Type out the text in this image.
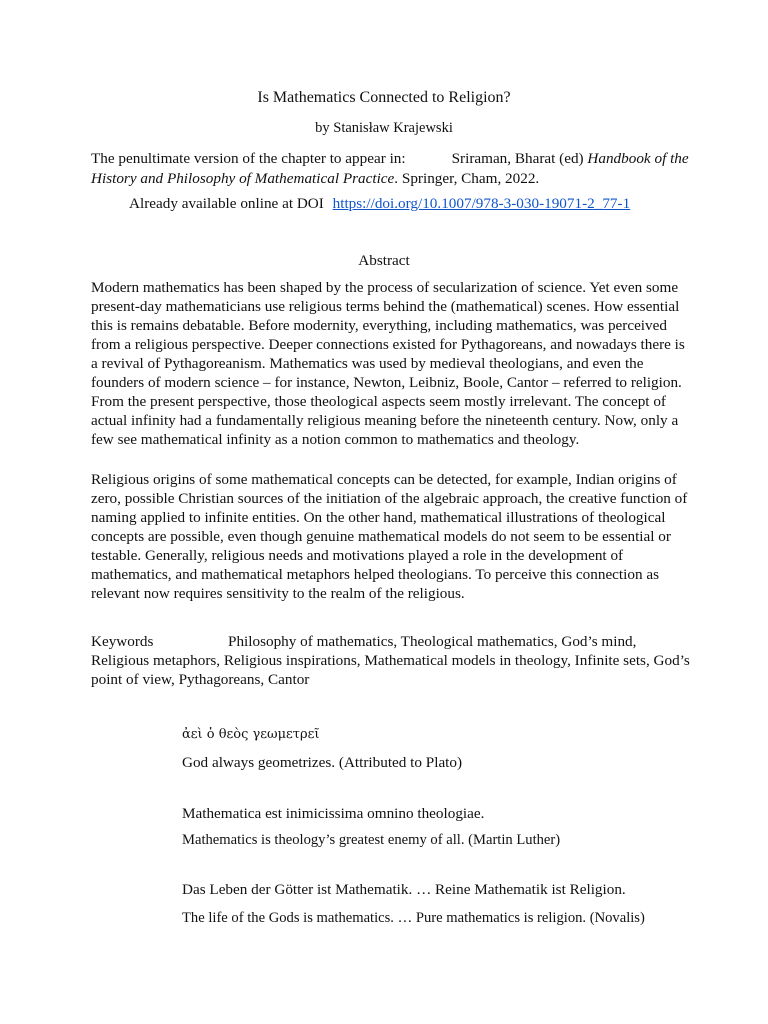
Is Mathematics Connected to Religion?
by Stanisław Krajewski
The penultimate version of the chapter to appear in:	Sriraman, Bharat (ed) Handbook of the History and Philosophy of Mathematical Practice. Springer, Cham, 2022.
Already available online at DOI https://doi.org/10.1007/978-3-030-19071-2_77-1
Abstract
Modern mathematics has been shaped by the process of secularization of science. Yet even some present-day mathematicians use religious terms behind the (mathematical) scenes. How essential this is remains debatable. Before modernity, everything, including mathematics, was perceived from a religious perspective. Deeper connections existed for Pythagoreans, and nowadays there is a revival of Pythagoreanism. Mathematics was used by medieval theologians, and even the founders of modern science – for instance, Newton, Leibniz, Boole, Cantor – referred to religion. From the present perspective, those theological aspects seem mostly irrelevant. The concept of actual infinity had a fundamentally religious meaning before the nineteenth century. Now, only a few see mathematical infinity as a notion common to mathematics and theology.
Religious origins of some mathematical concepts can be detected, for example, Indian origins of zero, possible Christian sources of the initiation of the algebraic approach, the creative function of naming applied to infinite entities. On the other hand, mathematical illustrations of theological concepts are possible, even though genuine mathematical models do not seem to be essential or testable. Generally, religious needs and motivations played a role in the development of mathematics, and mathematical metaphors helped theologians. To perceive this connection as relevant now requires sensitivity to the realm of the religious.
Keywords	Philosophy of mathematics, Theological mathematics, God’s mind, Religious metaphors, Religious inspirations, Mathematical models in theology, Infinite sets, God’s point of view, Pythagoreans, Cantor
ἀεὶ ὁ θεὸς γεωμετρεῖ
God always geometrizes. (Attributed to Plato)
Mathematica est inimicissima omnino theologiae.
Mathematics is theology’s greatest enemy of all. (Martin Luther)
Das Leben der Götter ist Mathematik. … Reine Mathematik ist Religion.
The life of the Gods is mathematics. … Pure mathematics is religion. (Novalis)
